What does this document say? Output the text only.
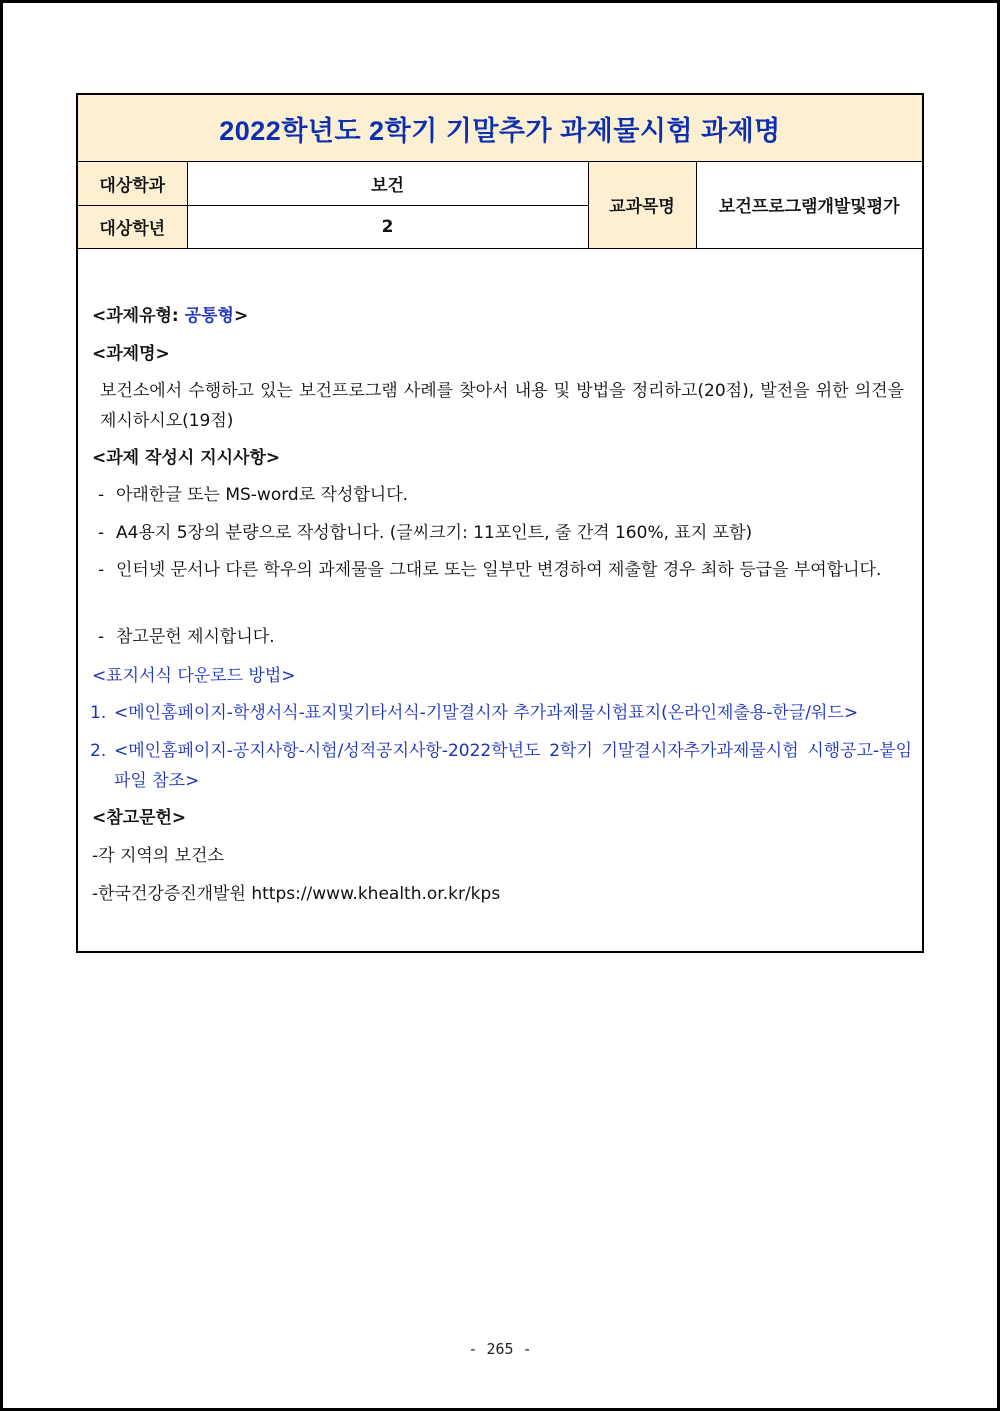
2022학년도 2학기 기말추가 과제물시험 과제명
대상학과	보건	교과목명	보건프로그램개발및평가
대상학년	2		
<과제유형: 공통형>
<과제명>
보건소에서 수행하고 있는 보건프로그램 사례를 찾아서 내용 및 방법을 정리하고(20점), 발전을 위한 의견을 제시하시오(19점)
<과제 작성시 지시사항>
- 아래한글 또는 MS-word로 작성합니다.
- A4용지 5장의 분량으로 작성합니다. (글씨크기: 11포인트, 줄 간격 160%, 표지 포함)
- 인터넷 문서나 다른 학우의 과제물을 그대로 또는 일부만 변경하여 제출할 경우 최하 등급을 부여합니다.
- 참고문헌 제시합니다.
<표지서식 다운로드 방법>
1. <메인홈페이지-학생서식-표지및기타서식-기말결시자 추가과제물시험표지(온라인제출용-한글/워드>
2. <메인홈페이지-공지사항-시험/성적공지사항-2022학년도 2학기 기말결시자추가과제물시험 시행공고-붙임파일 참조>
<참고문헌>
-각 지역의 보건소
-한국건강증진개발원 https://www.khealth.or.kr/kps
- 265 -
